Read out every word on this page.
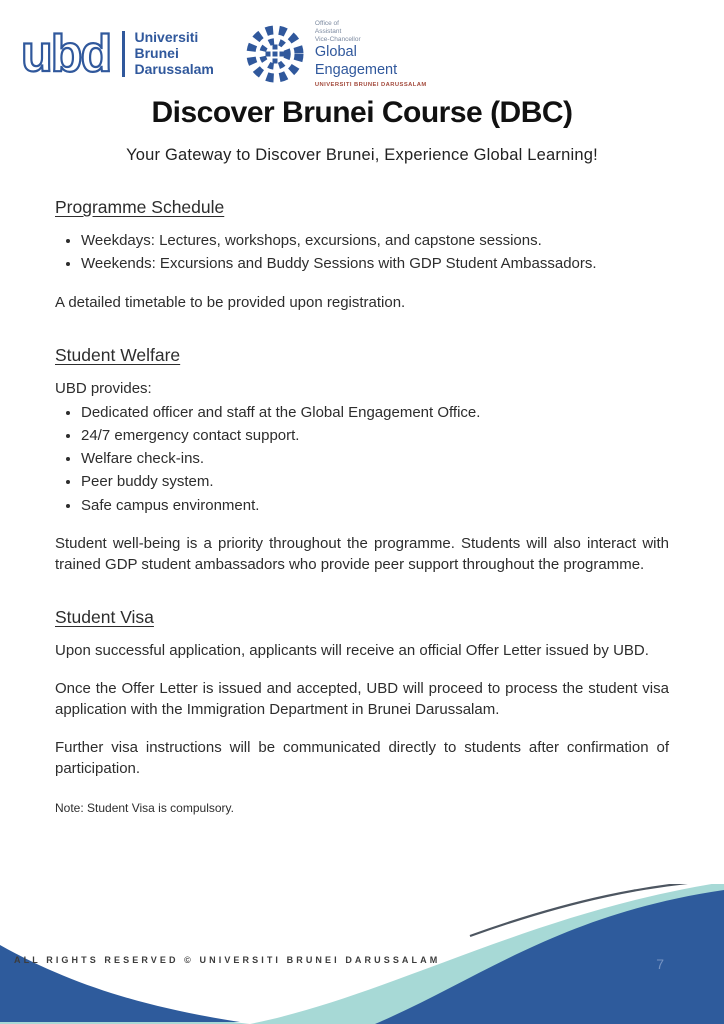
ubd Universiti
Brunei
Darussalam
Office of
Assistant
Vice-Chancellor
Global
Engagement
UNIVERSITI BRUNEI DARUSSALAM
Discover Brunei Course (DBC)
Your Gateway to Discover Brunei, Experience Global Learning!
Programme Schedule
• Weekdays: Lectures, workshops, excursions, and capstone sessions.
• Weekends: Excursions and Buddy Sessions with GDP Student Ambassadors.

A detailed timetable to be provided upon registration.

Student Welfare

UBD provides:

• Dedicated officer and staff at the Global Engagement Office.
• 24/7 emergency contact support.
• Welfare check-ins.
• Peer buddy system.
• Safe campus environment.

Student well-being is a priority throughout the programme. Students will also interact with trained GDP student ambassadors who provide peer support throughout the programme.

Student Visa

Upon successful application, applicants will receive an official Offer Letter issued by UBD.

Once the Offer Letter is issued and accepted, UBD will proceed to process the student visa application with the Immigration Department in Brunei Darussalam.

Further visa instructions will be communicated directly to students after confirmation of participation.

Note: Student Visa is compulsory.

ALL RIGHTS RESERVED © UNIVERSITI BRUNEI DARUSSALAM	7
